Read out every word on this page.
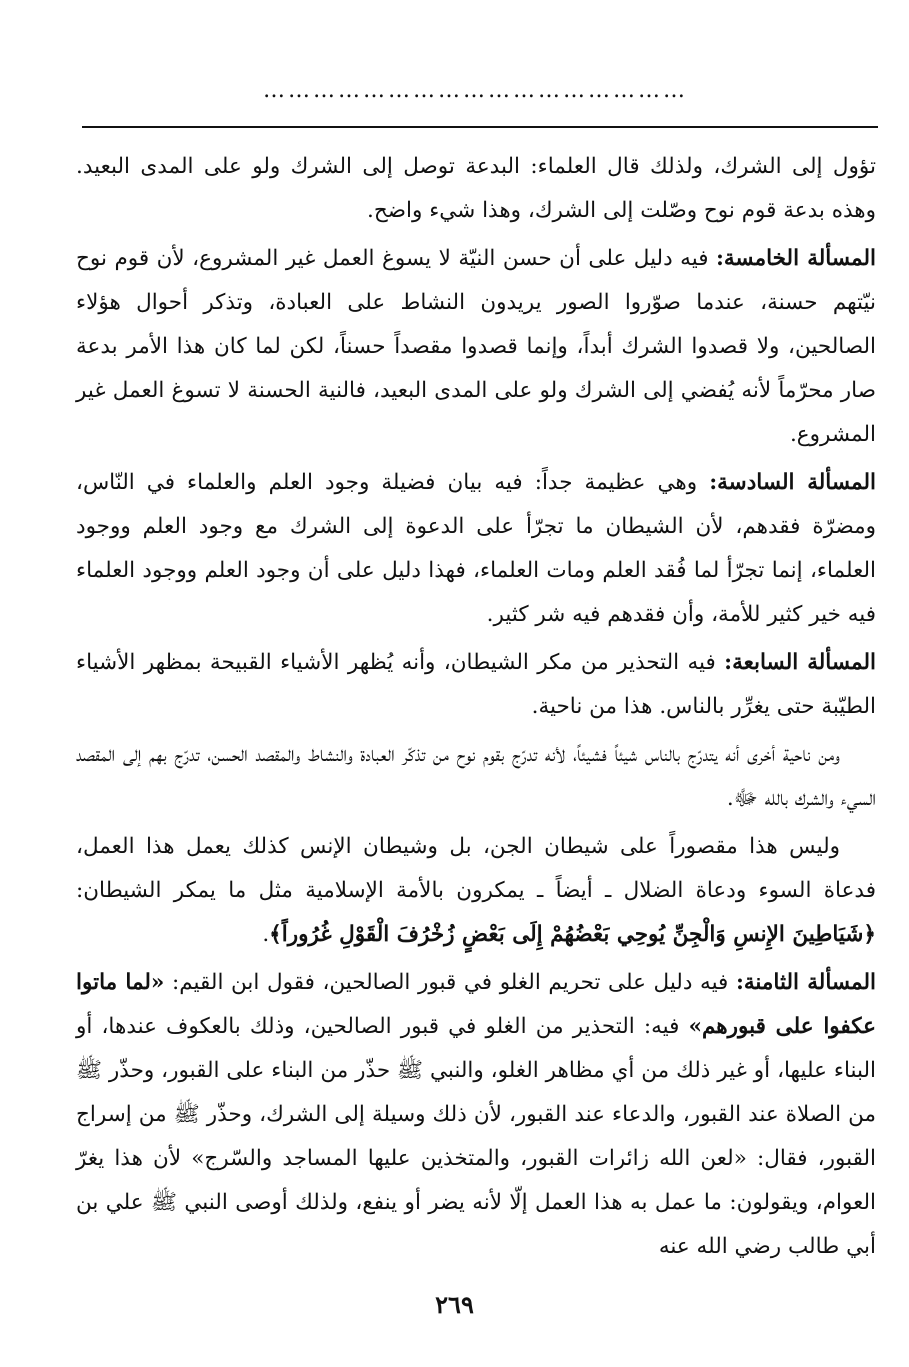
……………………………………………

تؤول إلى الشرك، ولذلك قال العلماء: البدعة توصل إلى الشرك ولو على المدى البعيد. وهذه بدعة قوم نوح وصّلت إلى الشرك، وهذا شيء واضح.

المسألة الخامسة: فيه دليل على أن حسن النيّة لا يسوغ العمل غير المشروع، لأن قوم نوح نيّتهم حسنة، عندما صوّروا الصور يريدون النشاط على العبادة، وتذكر أحوال هؤلاء الصالحين، ولا قصدوا الشرك أبداً، وإنما قصدوا مقصداً حسناً، لكن لما كان هذا الأمر بدعة صار محرّماً لأنه يُفضي إلى الشرك ولو على المدى البعيد، فالنية الحسنة لا تسوغ العمل غير المشروع.

المسألة السادسة: وهي عظيمة جداً: فيه بيان فضيلة وجود العلم والعلماء في النّاس، ومضرّة فقدهم، لأن الشيطان ما تجرّأ على الدعوة إلى الشرك مع وجود العلم ووجود العلماء، إنما تجرّأ لما فُقد العلم ومات العلماء، فهذا دليل على أن وجود العلم ووجود العلماء فيه خير كثير للأمة، وأن فقدهم فيه شر كثير.

المسألة السابعة: فيه التحذير من مكر الشيطان، وأنه يُظهر الأشياء القبيحة بمظهر الأشياء الطيّبة حتى يغرِّر بالناس. هذا من ناحية.

ومن ناحية أخرى أنه يتدرّج بالناس شيئاً فشيئاً، لأنه تدرّج بقوم نوح من تذكّر العبادة والنشاط والمقصد الحسن، تدرّج بهم إلى المقصد السيء والشرك بالله ﷻ.

وليس هذا مقصوراً على شيطان الجن، بل وشيطان الإنس كذلك يعمل هذا العمل، فدعاة السوء ودعاة الضلال ـ أيضاً ـ يمكرون بالأمة الإسلامية مثل ما يمكر الشيطان: ﴿شَيَاطِينَ الإِنسِ وَالْجِنِّ يُوحِي بَعْضُهُمْ إِلَى بَعْضٍ زُخْرُفَ الْقَوْلِ غُرُوراً﴾.

المسألة الثامنة: فيه دليل على تحريم الغلو في قبور الصالحين، فقول ابن القيم: «لما ماتوا عكفوا على قبورهم» فيه: التحذير من الغلو في قبور الصالحين، وذلك بالعكوف عندها، أو البناء عليها، أو غير ذلك من أي مظاهر الغلو، والنبي ﷺ حذّر من البناء على القبور، وحذّر ﷺ من الصلاة عند القبور، والدعاء عند القبور، لأن ذلك وسيلة إلى الشرك، وحذّر ﷺ من إسراج القبور، فقال: «لعن الله زائرات القبور، والمتخذين عليها المساجد والسّرج» لأن هذا يغرّ العوام، ويقولون: ما عمل به هذا العمل إلّا لأنه يضر أو ينفع، ولذلك أوصى النبي ﷺ علي بن أبي طالب رضي الله عنه

٢٦٩
